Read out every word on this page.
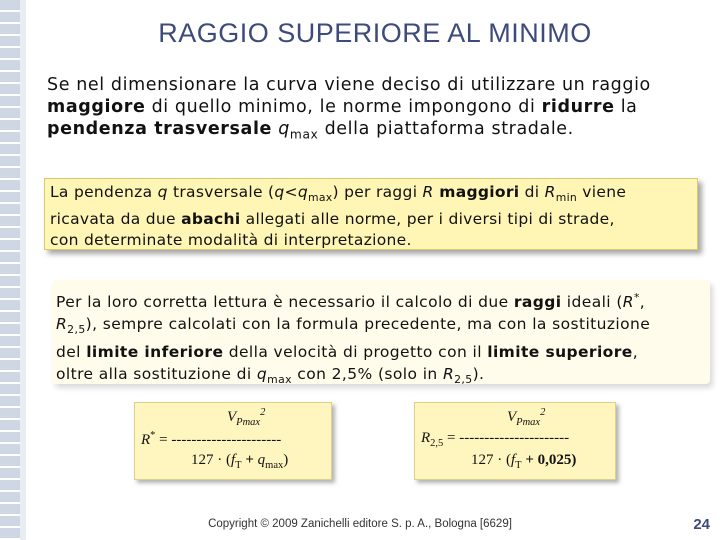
RAGGIO SUPERIORE AL MINIMO
Se nel dimensionare la curva viene deciso di utilizzare un raggio
maggiore di quello minimo, le norme impongono di ridurre la
pendenza trasversale $q_{max}$ della piattaforma stradale.
La pendenza q trasversale $(q<q_{max})$ per raggi R maggiori di $R_{min}$ viene
ricavata da due abachi allegati alle norme, per i diversi tipi di strade,
con determinate modalità di interpretazione.
Per la loro corretta lettura è necessario il calcolo di due raggi ideali (R*,
$R_{2,5}$), sempre calcolati con la formula precedente, ma con la sostituzione
del limite inferiore della velocità di progetto con il limite superiore,
oltre alla sostituzione di $q_{max}$ con 2,5% (solo in $R_{2,5}$).
$V_{Pmax}^2$
R* = ----------------------
$127 \cdot (f_T + q_{max})$
$V_{Pmax}^2$
$R_{2,5}$ = ----------------------
$127 \cdot (f_T + 0,025)$
Copyright © 2009 Zanichelli editore S. p. A., Bologna [6629]	24
